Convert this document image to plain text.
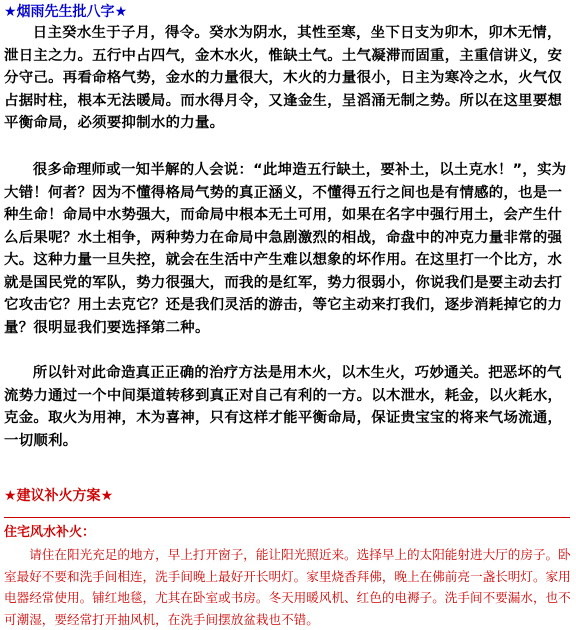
★烟雨先生批八字★
日主癸水生于子月，得令。癸水为阴水，其性至寒，坐下日支为卯木，卯木无情，泄日主之力。五行中占四气，金木水火，惟缺土气。土气凝滞而固重，主重信讲义，安分守己。再看命格气势，金水的力量很大，木火的力量很小，日主为寒冷之水，火气仅占据时柱，根本无法暖局。而水得月令，又逢金生，呈滔涌无制之势。所以在这里要想平衡命局，必须要抑制水的力量。
很多命理师或一知半解的人会说：“此坤造五行缺土，要补土，以土克水！”，实为大错！何者？因为不懂得格局气势的真正涵义，不懂得五行之间也是有情感的，也是一种生命！命局中水势强大，而命局中根本无土可用，如果在名字中强行用土，会产生什么后果呢？水土相争，两种势力在命局中急剧激烈的相战，命盘中的冲克力量非常的强大。这种力量一旦失控，就会在生活中产生难以想象的坏作用。在这里打一个比方，水就是国民党的军队，势力很强大，而我的是红军，势力很弱小，你说我们是要主动去打它攻击它？用土去克它？还是我们灵活的游击，等它主动来打我们，逐步消耗掉它的力量？很明显我们要选择第二种。
所以针对此命造真正正确的治疗方法是用木火，以木生火，巧妙通关。把恶坏的气流势力通过一个中间渠道转移到真正对自己有利的一方。以木泄水，耗金，以火耗水，克金。取火为用神，木为喜神，只有这样才能平衡命局，保证贵宝宝的将来气场流通，一切顺利。
★建议补火方案★
住宅风水补火：
请住在阳光充足的地方，早上打开窗子，能让阳光照近来。选择早上的太阳能射进大厅的房子。卧室最好不要和洗手间相连，洗手间晚上最好开长明灯。家里烧香拜佛，晚上在佛前亮一盏长明灯。家用电器经常使用。铺红地毯，尤其在卧室或书房。冬天用暖风机、红色的电褥子。洗手间不要漏水，也不可潮湿，要经常打开抽风机，在洗手间摆放盆栽也不错。
